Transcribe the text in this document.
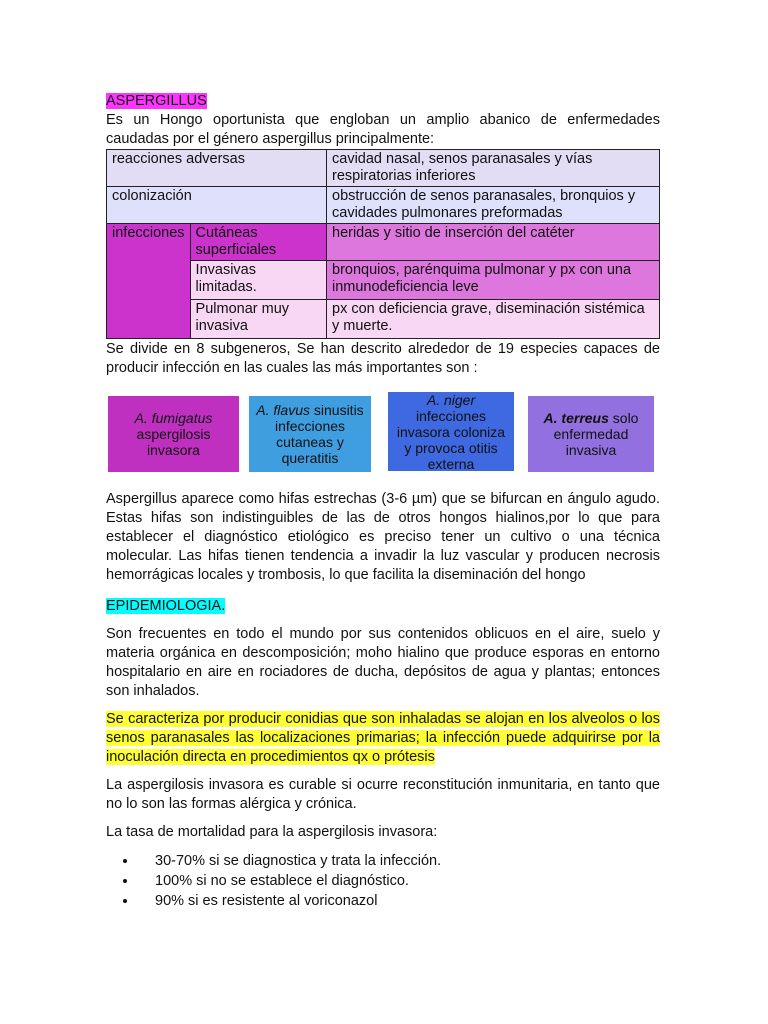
ASPERGILLUS

Es un Hongo oportunista que engloban un amplio abanico de enfermedades caudadas por el género aspergillus principalmente:

reacciones adversas		cavidad nasal, senos paranasales y vías respiratorias inferiores
colonización		obstrucción de senos paranasales, bronquios y cavidades pulmonares preformadas
infecciones	Cutáneas superficiales	heridas y sitio de inserción del catéter
	Invasivas limitadas.	bronquios, parénquima pulmonar y px con una inmunodeficiencia leve
	Pulmonar muy invasiva	px con deficiencia grave, diseminación sistémica y muerte.

Se divide en 8 subgeneros, Se han descrito alrededor de 19 especies capaces de producir infección en las cuales las más importantes son :

A. fumigatus
aspergilosis invasora
A. flavus sinusitis infecciones cutaneas y queratitis
A. niger
infecciones invasora coloniza y provoca otitis externa
A. terreus solo enfermedad invasiva

Aspergillus aparece como hifas estrechas (3-6 µm) que se bifurcan en ángulo agudo. Estas hifas son indistinguibles de las de otros hongos hialinos,por lo que para establecer el diagnóstico etiológico es preciso tener un cultivo o una técnica molecular. Las hifas tienen tendencia a invadir la luz vascular y producen necrosis hemorrágicas locales y trombosis, lo que facilita la diseminación del hongo

EPIDEMIOLOGIA.

Son frecuentes en todo el mundo por sus contenidos oblicuos en el aire, suelo y materia orgánica en descomposición; moho hialino que produce esporas en entorno hospitalario en aire en rociadores de ducha, depósitos de agua y plantas; entonces son inhalados.

Se caracteriza por producir conidias que son inhaladas se alojan en los alveolos o los senos paranasales las localizaciones primarias; la infección puede adquirirse por la inoculación directa en procedimientos qx o prótesis

La aspergilosis invasora es curable si ocurre reconstitución inmunitaria, en tanto que no lo son las formas alérgica y crónica.

La tasa de mortalidad para la aspergilosis invasora:

• 30-70% si se diagnostica y trata la infección.
• 100% si no se establece el diagnóstico.
• 90% si es resistente al voriconazol
